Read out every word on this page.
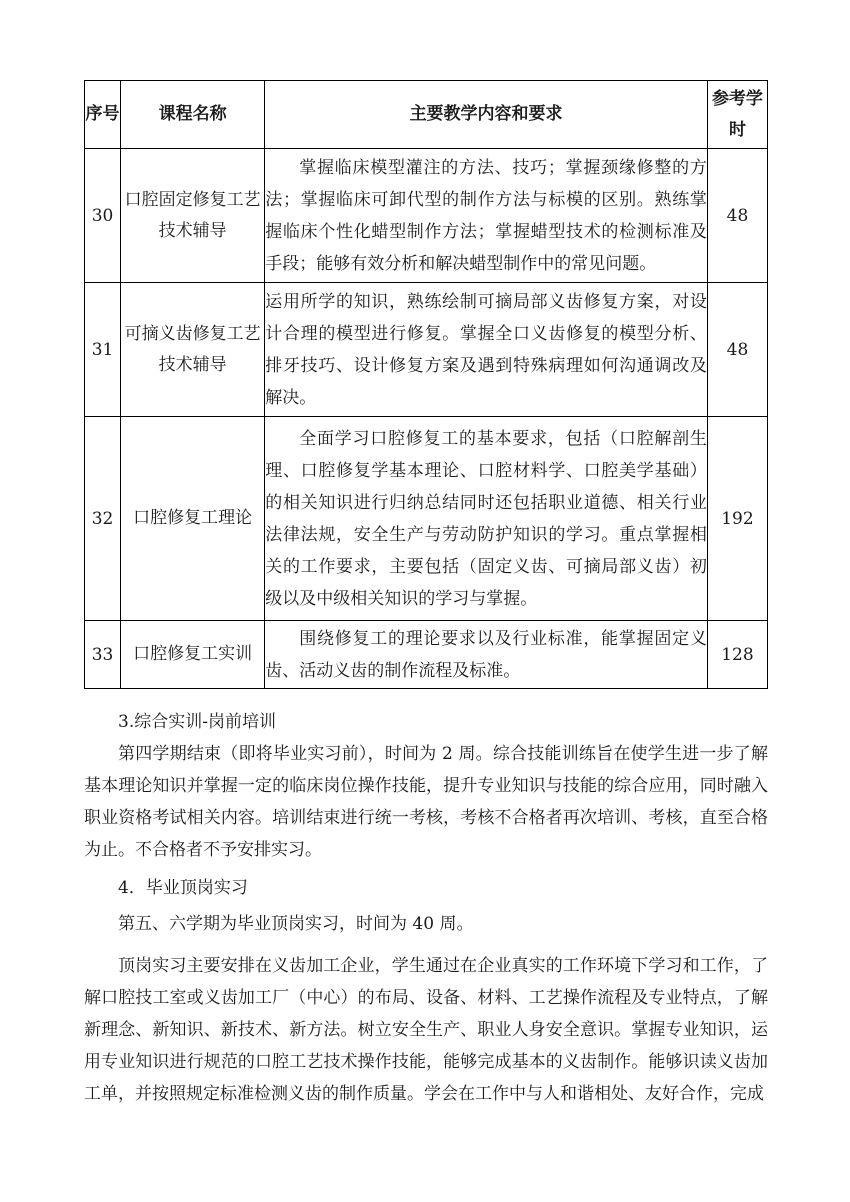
序号	课程名称	主要教学内容和要求	参考学时
30	口腔固定修复工艺技术辅导	掌握临床模型灌注的方法、技巧；掌握颈缘修整的方法；掌握临床可卸代型的制作方法与标模的区别。熟练掌握临床个性化蜡型制作方法；掌握蜡型技术的检测标准及手段；能够有效分析和解决蜡型制作中的常见问题。	48
31	可摘义齿修复工艺技术辅导	运用所学的知识，熟练绘制可摘局部义齿修复方案，对设计合理的模型进行修复。掌握全口义齿修复的模型分析、排牙技巧、设计修复方案及遇到特殊病理如何沟通调改及解决。	48
32	口腔修复工理论	全面学习口腔修复工的基本要求，包括（口腔解剖生理、口腔修复学基本理论、口腔材料学、口腔美学基础）的相关知识进行归纳总结同时还包括职业道德、相关行业法律法规，安全生产与劳动防护知识的学习。重点掌握相关的工作要求，主要包括（固定义齿、可摘局部义齿）初级以及中级相关知识的学习与掌握。	192
33	口腔修复工实训	围绕修复工的理论要求以及行业标准，能掌握固定义齿、活动义齿的制作流程及标准。	128

3.综合实训-岗前培训

第四学期结束（即将毕业实习前），时间为 2 周。综合技能训练旨在使学生进一步了解基本理论知识并掌握一定的临床岗位操作技能，提升专业知识与技能的综合应用，同时融入职业资格考试相关内容。培训结束进行统一考核，考核不合格者再次培训、考核，直至合格为止。不合格者不予安排实习。

4．毕业顶岗实习

第五、六学期为毕业顶岗实习，时间为 40 周。

顶岗实习主要安排在义齿加工企业，学生通过在企业真实的工作环境下学习和工作，了解口腔技工室或义齿加工厂（中心）的布局、设备、材料、工艺操作流程及专业特点，了解新理念、新知识、新技术、新方法。树立安全生产、职业人身安全意识。掌握专业知识，运用专业知识进行规范的口腔工艺技术操作技能，能够完成基本的义齿制作。能够识读义齿加工单，并按照规定标准检测义齿的制作质量。学会在工作中与人和谐相处、友好合作，完成
